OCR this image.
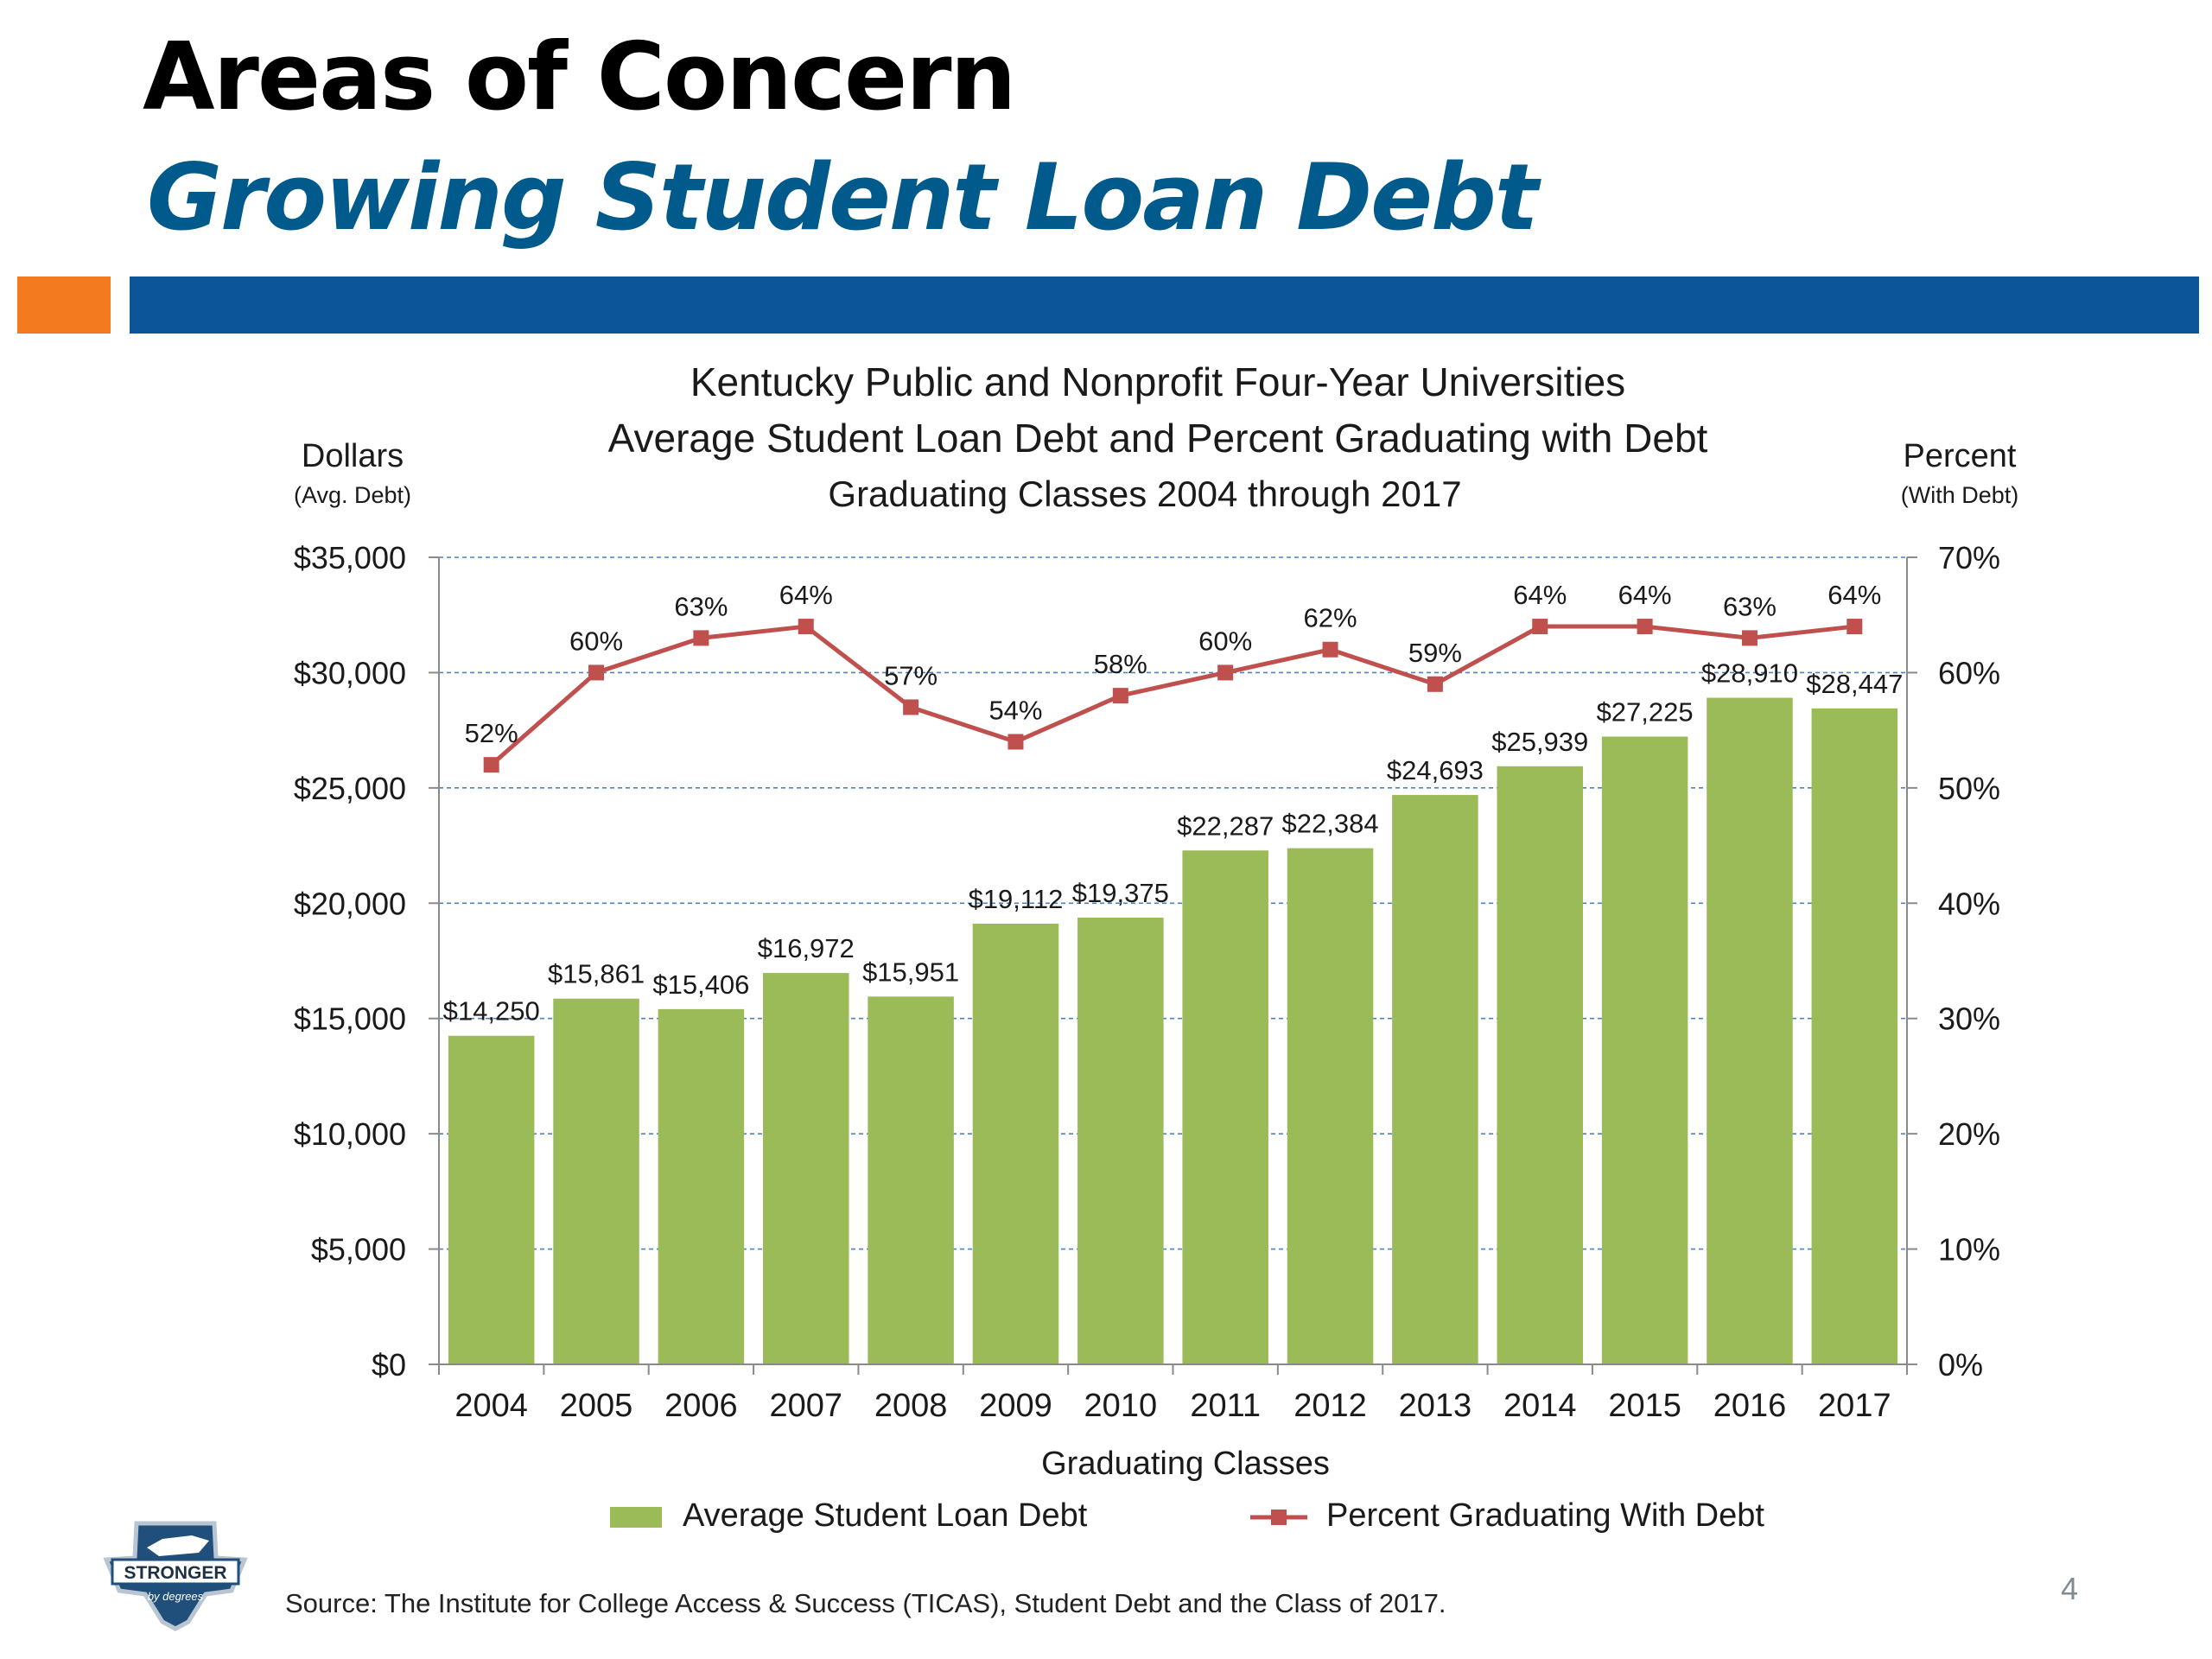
Areas of Concern
Growing Student Loan Debt
Kentucky Public and Nonprofit Four-Year Universities
Average Student Loan Debt and Percent Graduating with Debt
Graduating Classes 2004 through 2017
Dollars
(Avg. Debt)
Percent
(With Debt)
Graduating Classes
$0	0%
$5,000	10%
$10,000	20%
$15,000	30%
$20,000	40%
$25,000	50%
$30,000	60%
$35,000	70%
2004 2005 2006 2007 2008 2009 2010 2011 2012 2013 2014 2015 2016 2017
$14,250
$15,861 $15,406
$16,972
$15,951
$19,112 $19,375
$22,287 $22,384
$24,693
$25,939
$27,225
$28,910 $28,447
52%
60%
63% 64%
57%
54%
58%
60%
62%
59%
64% 64% 63% 64%
Average Student Loan Debt	Percent Graduating With Debt
STRONGER
by degrees	Source: The Institute for College Access & Success (TICAS), Student Debt and the Class of 2017.	4
